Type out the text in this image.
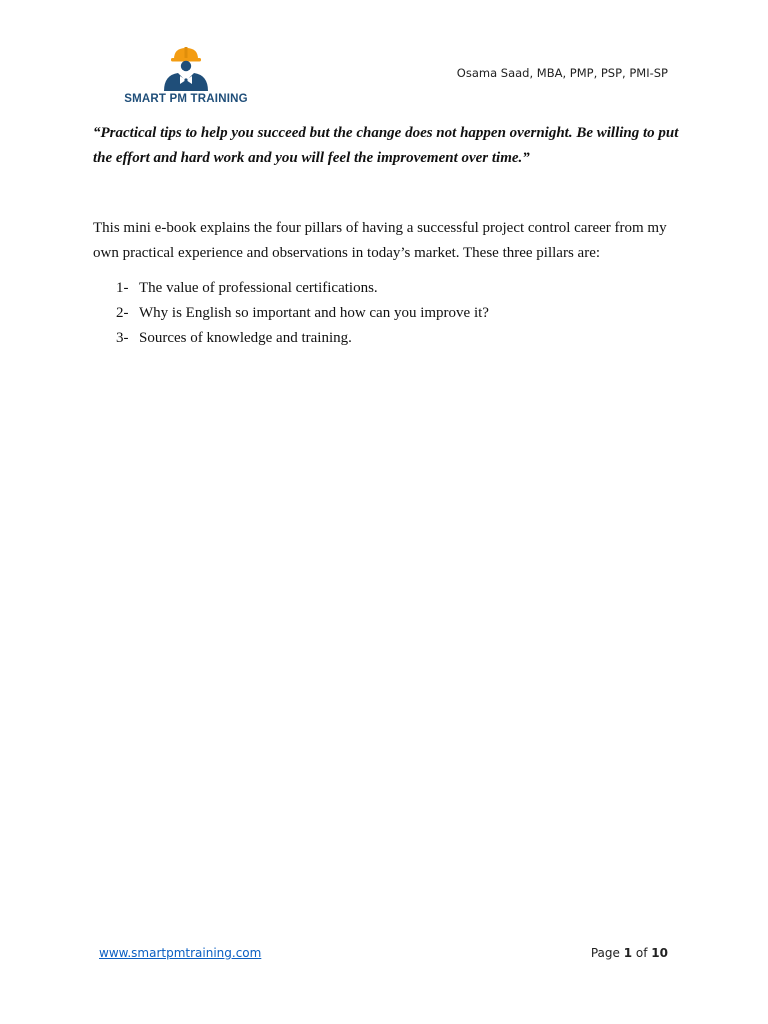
SMART PM TRAINING
Osama Saad, MBA, PMP, PSP, PMI-SP

“Practical tips to help you succeed but the change does not happen overnight. Be willing to put the effort and hard work and you will feel the improvement over time.”

This mini e-book explains the four pillars of having a successful project control career from my own practical experience and observations in today’s market. These three pillars are:

1- The value of professional certifications.
2- Why is English so important and how can you improve it?
3- Sources of knowledge and training.
www.smartpmtraining.com	Page 1 of 10
